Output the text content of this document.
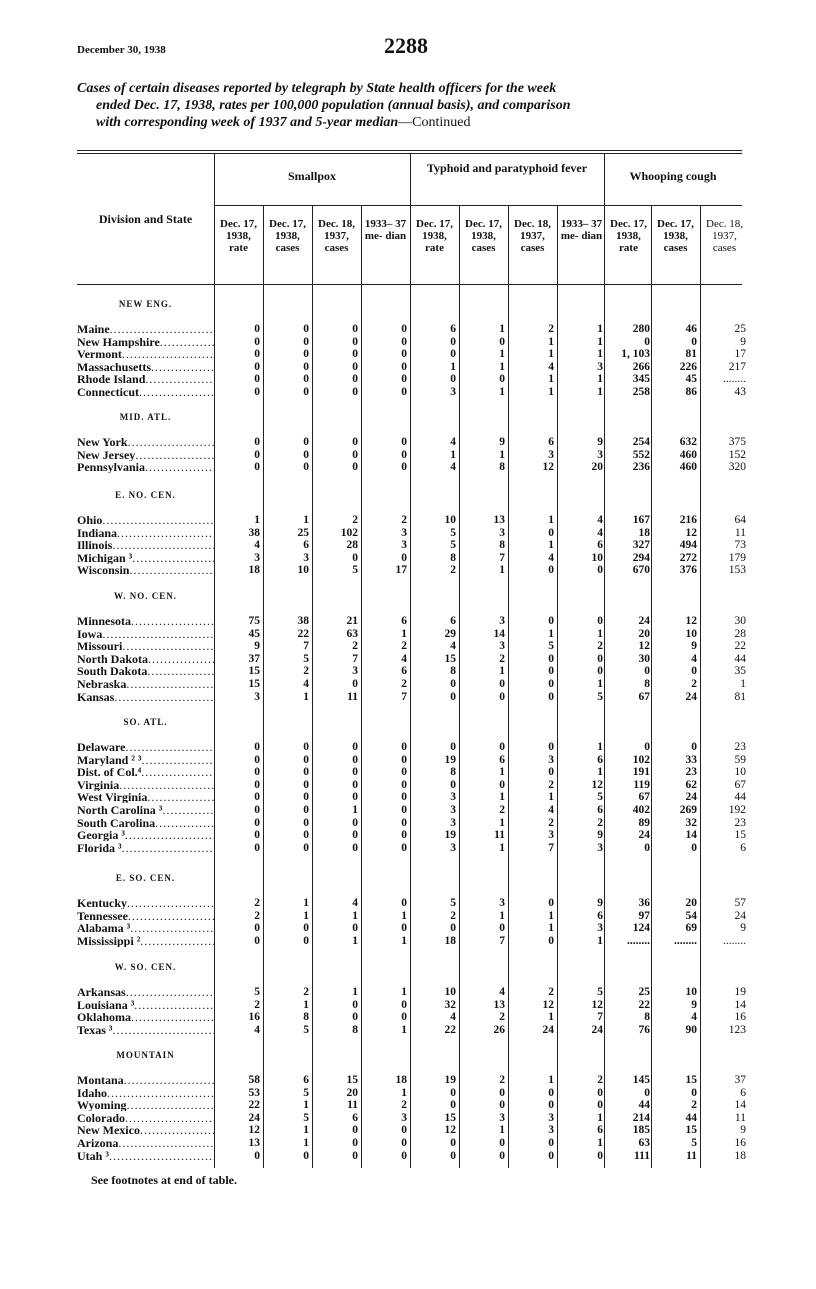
December 30, 1938	2288
Cases of certain diseases reported by telegraph by State health officers for the week
ended Dec. 17, 1938, rates per 100,000 population (annual basis), and comparison
with corresponding week of 1937 and 5-year median—Continued
Division and State
Smallpox
Typhoid and paratyphoid fever
Whooping cough
Dec. 17, 1938, rate
Dec. 17, 1938, cases
Dec. 18, 1937, cases
1933– 37 me- dian
Dec. 17, 1938, rate
Dec. 17, 1938, cases
Dec. 18, 1937, cases
1933– 37 me- dian
Dec. 17, 1938, rate
Dec. 17, 1938, cases
Dec. 18, 1937, cases
NEW ENG.
Maine .....	0	0	0	0	6	1	2	1	280	46	25
New Hampshire .....	0	0	0	0	0	0	1	1	0	0	9
Vermont .....	0	0	0	0	0	1	1	1	1, 103	81	17
Massachusetts .....	0	0	0	0	1	1	4	3	266	226	217
Rhode Island .....	0	0	0	0	0	0	1	1	345	45	........
Connecticut .....	0	0	0	0	3	1	1	1	258	86	43
MID. ATL.
New York .....	0	0	0	0	4	9	6	9	254	632	375
New Jersey .....	0	0	0	0	1	1	3	3	552	460	152
Pennsylvania .....	0	0	0	0	4	8	12	20	236	460	320
E. NO. CEN.
Ohio .....	1	1	2	2	10	13	1	4	167	216	64
Indiana .....	38	25	102	3	5	3	0	4	18	12	11
Illinois .....	4	6	28	3	5	8	1	6	327	494	73
Michigan ³ .....	3	3	0	0	8	7	4	10	294	272	179
Wisconsin .....	18	10	5	17	2	1	0	0	670	376	153
W. NO. CEN.
Minnesota .....	75	38	21	6	6	3	0	0	24	12	30
Iowa .....	45	22	63	1	29	14	1	1	20	10	28
Missouri .....	9	7	2	2	4	3	5	2	12	9	22
North Dakota .....	37	5	7	4	15	2	0	0	30	4	44
South Dakota .....	15	2	3	6	8	1	0	0	0	0	35
Nebraska .....	15	4	0	2	0	0	0	1	8	2	1
Kansas .....	3	1	11	7	0	0	0	5	67	24	81
SO. ATL.
Delaware .....	0	0	0	0	0	0	0	1	0	0	23
Maryland ² ³ .....	0	0	0	0	19	6	3	6	102	33	59
Dist. of Col.⁴ .....	0	0	0	0	8	1	0	1	191	23	10
Virginia .....	0	0	0	0	0	0	2	12	119	62	67
West Virginia .....	0	0	0	0	3	1	1	5	67	24	44
North Carolina ³ .....	0	0	1	0	3	2	4	6	402	269	192
South Carolina .....	0	0	0	0	3	1	2	2	89	32	23
Georgia ³ .....	0	0	0	0	19	11	3	9	24	14	15
Florida ³ .....	0	0	0	0	3	1	7	3	0	0	6
E. SO. CEN.
Kentucky .....	2	1	4	0	5	3	0	9	36	20	57
Tennessee .....	2	1	1	1	2	1	1	6	97	54	24
Alabama ³ .....	0	0	0	0	0	0	1	3	124	69	9
Mississippi ² .....	0	0	1	1	18	7	0	1	........	........	........
W. SO. CEN.
Arkansas .....	5	2	1	1	10	4	2	5	25	10	19
Louisiana ³ .....	2	1	0	0	32	13	12	12	22	9	14
Oklahoma .....	16	8	0	0	4	2	1	7	8	4	16
Texas ³ .....	4	5	8	1	22	26	24	24	76	90	123
MOUNTAIN
Montana .....	58	6	15	18	19	2	1	2	145	15	37
Idaho .....	53	5	20	1	0	0	0	0	0	0	6
Wyoming .....	22	1	11	2	0	0	0	0	44	2	14
Colorado .....	24	5	6	3	15	3	3	1	214	44	11
New Mexico .....	12	1	0	0	12	1	3	6	185	15	9
Arizona .....	13	1	0	0	0	0	0	1	63	5	16
Utah ³ .....	0	0	0	0	0	0	0	0	111	11	18
See footnotes at end of table.
